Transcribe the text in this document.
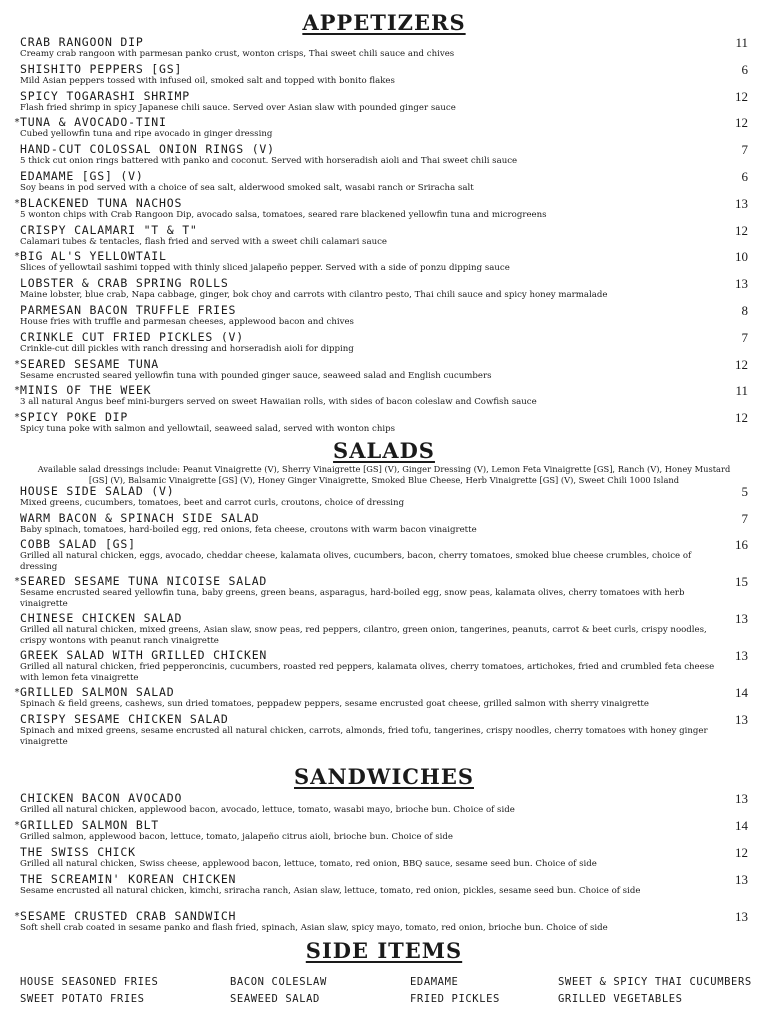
APPETIZERS
CRAB RANGOON DIP
Creamy crab rangoon with parmesan panko crust, wonton crisps, Thai sweet chili sauce and chives
11
SHISHITO PEPPERS [GS]
Mild Asian peppers tossed with infused oil, smoked salt and topped with bonito flakes
6
SPICY TOGARASHI SHRIMP
Flash fried shrimp in spicy Japanese chili sauce. Served over Asian slaw with pounded ginger sauce
12
* TUNA & AVOCADO-TINI
Cubed yellowfin tuna and ripe avocado in ginger dressing
12
HAND-CUT COLOSSAL ONION RINGS (V)
5 thick cut onion rings battered with panko and coconut. Served with horseradish aioli and Thai sweet chili sauce
7
EDAMAME [GS] (V)
Soy beans in pod served with a choice of sea salt, alderwood smoked salt, wasabi ranch or Sriracha salt
6
* BLACKENED TUNA NACHOS
5 wonton chips with Crab Rangoon Dip, avocado salsa, tomatoes, seared rare blackened yellowfin tuna and microgreens
13
CRISPY CALAMARI "T & T"
Calamari tubes & tentacles, flash fried and served with a sweet chili calamari sauce
12
* BIG AL'S YELLOWTAIL
Slices of yellowtail sashimi topped with thinly sliced jalapeño pepper. Served with a side of ponzu dipping sauce
10
LOBSTER & CRAB SPRING ROLLS
Maine lobster, blue crab, Napa cabbage, ginger, bok choy and carrots with cilantro pesto, Thai chili sauce and spicy honey marmalade
13
PARMESAN BACON TRUFFLE FRIES
House fries with truffle and parmesan cheeses, applewood bacon and chives
8
CRINKLE CUT FRIED PICKLES (V)
Crinkle-cut dill pickles with ranch dressing and horseradish aioli for dipping
7
* SEARED SESAME TUNA
Sesame encrusted seared yellowfin tuna with pounded ginger sauce, seaweed salad and English cucumbers
12
* MINIS OF THE WEEK
3 all natural Angus beef mini-burgers served on sweet Hawaiian rolls, with sides of bacon coleslaw and Cowfish sauce
11
* SPICY POKE DIP
Spicy tuna poke with salmon and yellowtail, seaweed salad, served with wonton chips
12
SALADS
Available salad dressings include: Peanut Vinaigrette (V), Sherry Vinaigrette [GS] (V), Ginger Dressing (V), Lemon Feta Vinaigrette [GS], Ranch (V), Honey Mustard [GS] (V), Balsamic Vinaigrette [GS] (V), Honey Ginger Vinaigrette, Smoked Blue Cheese, Herb Vinaigrette [GS] (V), Sweet Chili 1000 Island
HOUSE SIDE SALAD (V)
Mixed greens, cucumbers, tomatoes, beet and carrot curls, croutons, choice of dressing
5
WARM BACON & SPINACH SIDE SALAD
Baby spinach, tomatoes, hard-boiled egg, red onions, feta cheese, croutons with warm bacon vinaigrette
7
COBB SALAD [GS]
Grilled all natural chicken, eggs, avocado, cheddar cheese, kalamata olives, cucumbers, bacon, cherry tomatoes, smoked blue cheese crumbles, choice of dressing
16
* SEARED SESAME TUNA NICOISE SALAD
Sesame encrusted seared yellowfin tuna, baby greens, green beans, asparagus, hard-boiled egg, snow peas, kalamata olives, cherry tomatoes with herb vinaigrette
15
CHINESE CHICKEN SALAD
Grilled all natural chicken, mixed greens, Asian slaw, snow peas, red peppers, cilantro, green onion, tangerines, peanuts, carrot & beet curls, crispy noodles, crispy wontons with peanut ranch vinaigrette
13
GREEK SALAD WITH GRILLED CHICKEN
Grilled all natural chicken, fried pepperoncinis, cucumbers, roasted red peppers, kalamata olives, cherry tomatoes, artichokes, fried and crumbled feta cheese with lemon feta vinaigrette
13
* GRILLED SALMON SALAD
Spinach & field greens, cashews, sun dried tomatoes, peppadew peppers, sesame encrusted goat cheese, grilled salmon with sherry vinaigrette
14
CRISPY SESAME CHICKEN SALAD
Spinach and mixed greens, sesame encrusted all natural chicken, carrots, almonds, fried tofu, tangerines, crispy noodles, cherry tomatoes with honey ginger vinaigrette
13
SANDWICHES
CHICKEN BACON AVOCADO
Grilled all natural chicken, applewood bacon, avocado, lettuce, tomato, wasabi mayo, brioche bun. Choice of side
13
* GRILLED SALMON BLT
Grilled salmon, applewood bacon, lettuce, tomato, jalapeño citrus aioli, brioche bun. Choice of side
14
THE SWISS CHICK
Grilled all natural chicken, Swiss cheese, applewood bacon, lettuce, tomato, red onion, BBQ sauce, sesame seed bun. Choice of side
12
THE SCREAMIN' KOREAN CHICKEN
Sesame encrusted all natural chicken, kimchi, sriracha ranch, Asian slaw, lettuce, tomato, red onion, pickles, sesame seed bun. Choice of side
13
* SESAME CRUSTED CRAB SANDWICH
Soft shell crab coated in sesame panko and flash fried, spinach, Asian slaw, spicy mayo, tomato, red onion, brioche bun. Choice of side
13
SIDE ITEMS
HOUSE SEASONED FRIES	BACON COLESLAW	EDAMAME	SWEET & SPICY THAI CUCUMBERS
SWEET POTATO FRIES	SEAWEED SALAD	FRIED PICKLES	GRILLED VEGETABLES
